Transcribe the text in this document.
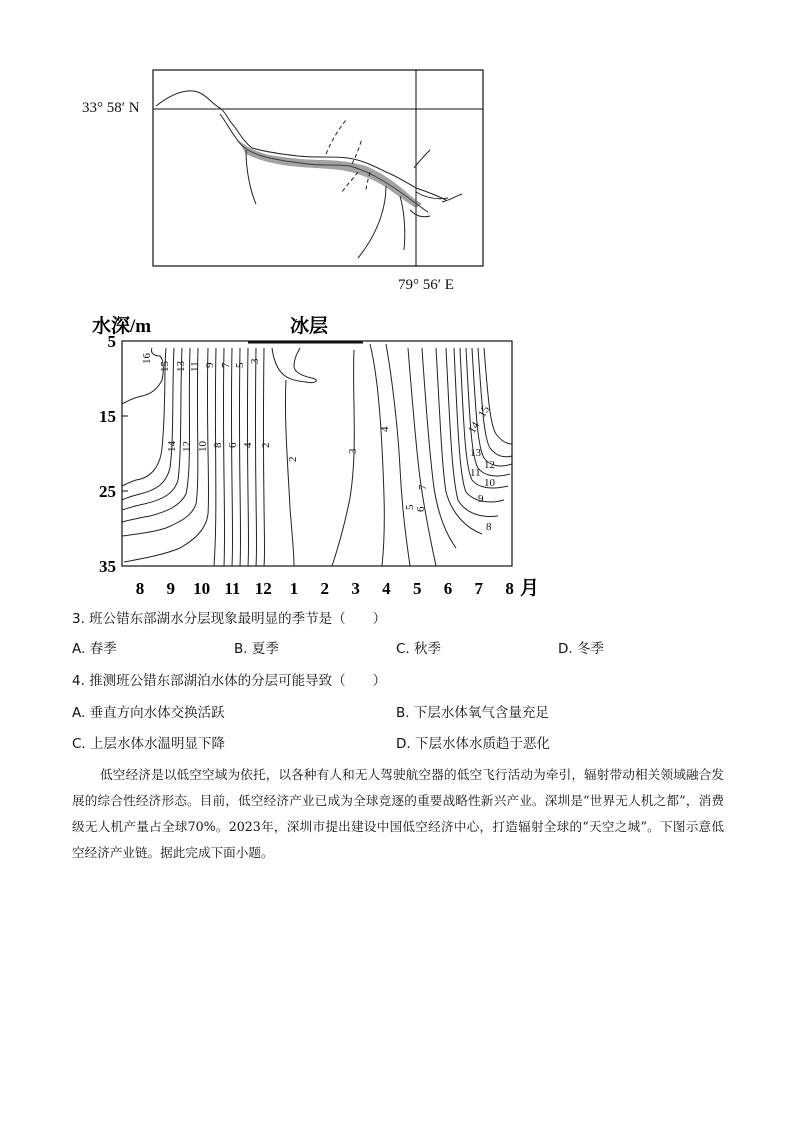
33° 58′ N
79° 56′ E
水深/m	冰层
16
15 13 11 9 7 5
3
14 12 10 8 6 4 2
2
3
4
15
14
13
12
11
10
9
8
7
6
5
5
15
25
35
8 9 10 11 12 1 2 3 4 5 6 7 8 月
3. 班公错东部湖水分层现象最明显的季节是（　　）
A. 春季	B. 夏季	C. 秋季	D. 冬季
4. 推测班公错东部湖泊水体的分层可能导致（　　）
A. 垂直方向水体交换活跃	B. 下层水体氧气含量充足
C. 上层水体水温明显下降	D. 下层水体水质趋于恶化
低空经济是以低空空域为依托，以各种有人和无人驾驶航空器的低空飞行活动为牵引，辐射带动相关领域融合发展的综合性经济形态。目前，低空经济产业已成为全球竞逐的重要战略性新兴产业。深圳是“世界无人机之都”，消费级无人机产量占全球70%。2023年，深圳市提出建设中国低空经济中心，打造辐射全球的“天空之城”。下图示意低空经济产业链。据此完成下面小题。
